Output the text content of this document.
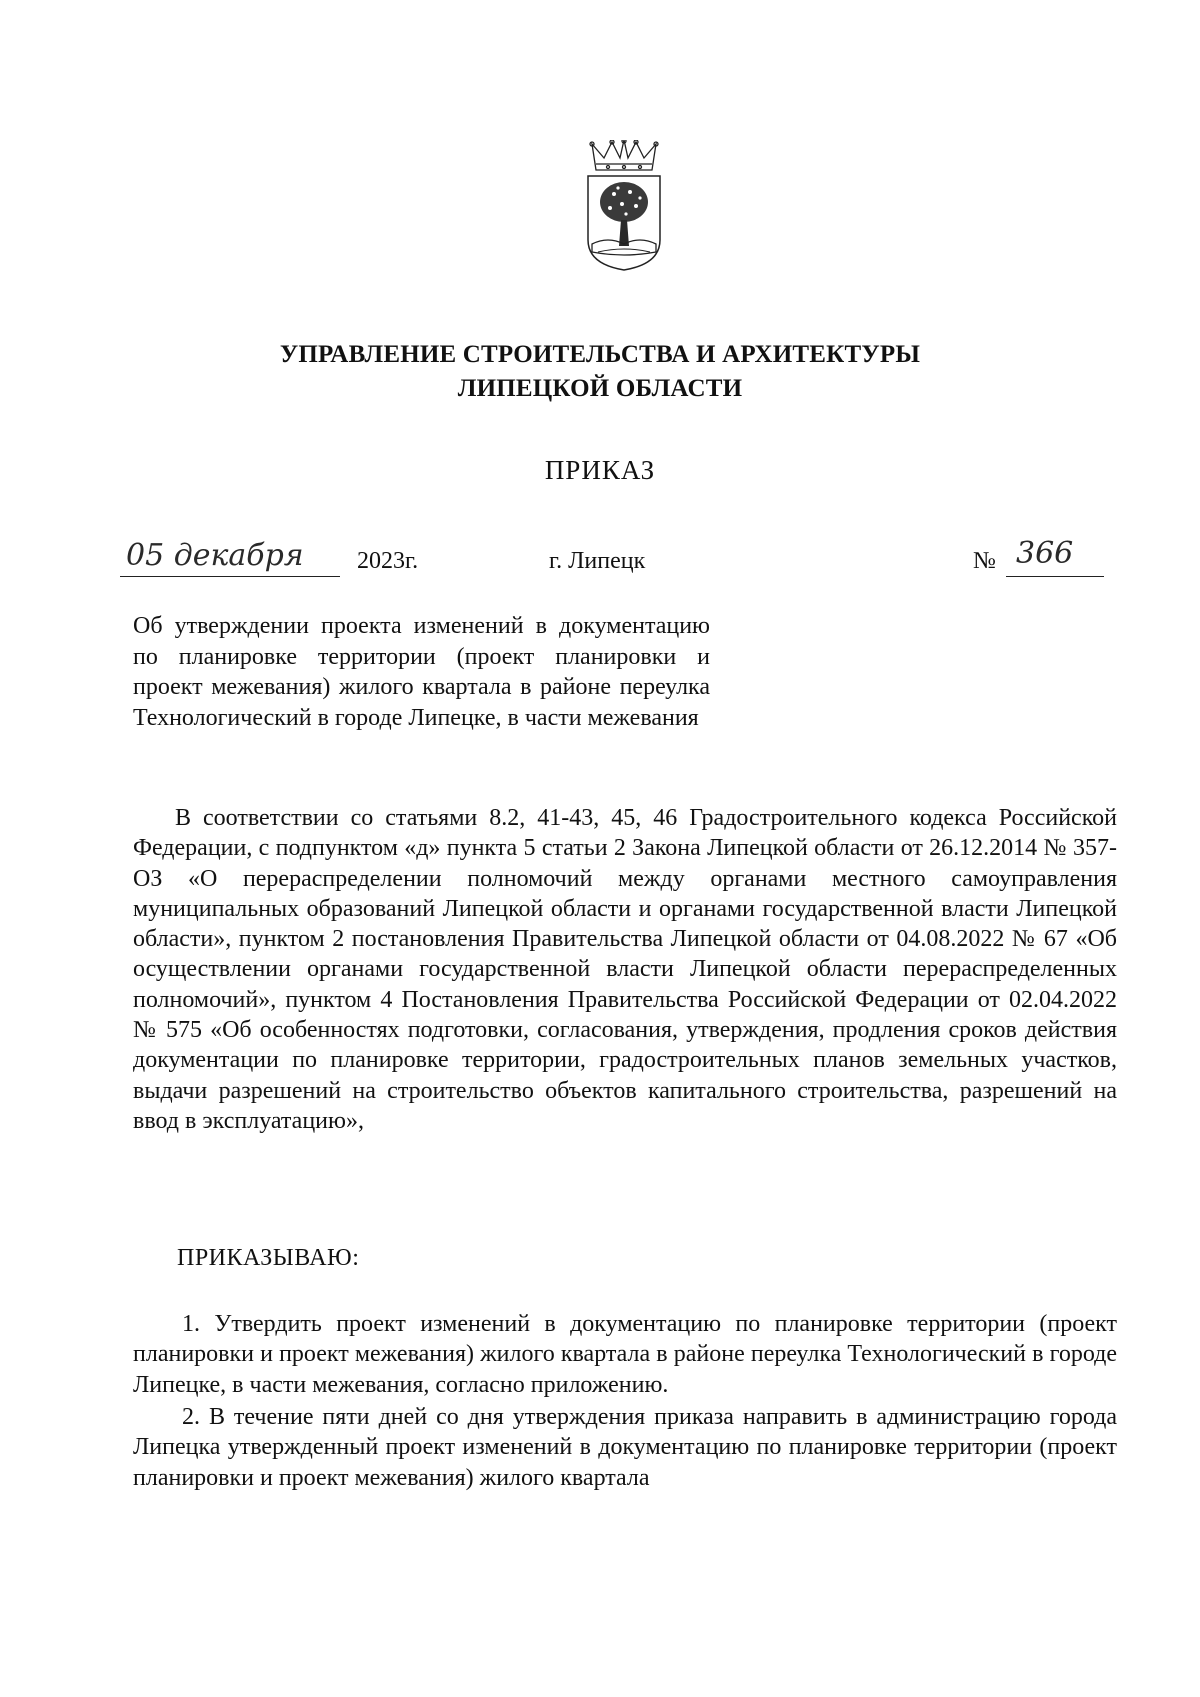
УПРАВЛЕНИЕ СТРОИТЕЛЬСТВА И АРХИТЕКТУРЫ
ЛИПЕЦКОЙ ОБЛАСТИ
ПРИКАЗ
05 декабря 2023г.	г. Липецк	№ 366
Об утверждении проекта изменений в документацию по планировке территории (проект планировки и проект межевания) жилого квартала в районе переулка Технологический в городе Липецке, в части межевания
В соответствии со статьями 8.2, 41-43, 45, 46 Градостроительного кодекса Российской Федерации, с подпунктом «д» пункта 5 статьи 2 Закона Липецкой области от 26.12.2014 № 357-ОЗ «О перераспределении полномочий между органами местного самоуправления муниципальных образований Липецкой области и органами государственной власти Липецкой области», пунктом 2 постановления Правительства Липецкой области от 04.08.2022 № 67 «Об осуществлении органами государственной власти Липецкой области перераспределенных полномочий», пунктом 4 Постановления Правительства Российской Федерации от 02.04.2022 № 575 «Об особенностях подготовки, согласования, утверждения, продления сроков действия документации по планировке территории, градостроительных планов земельных участков, выдачи разрешений на строительство объектов капитального строительства, разрешений на ввод в эксплуатацию»,
ПРИКАЗЫВАЮ:
1. Утвердить проект изменений в документацию по планировке территории (проект планировки и проект межевания) жилого квартала в районе переулка Технологический в городе Липецке, в части межевания, согласно приложению.
2. В течение пяти дней со дня утверждения приказа направить в администрацию города Липецка утвержденный проект изменений в документацию по планировке территории (проект планировки и проект межевания) жилого квартала
